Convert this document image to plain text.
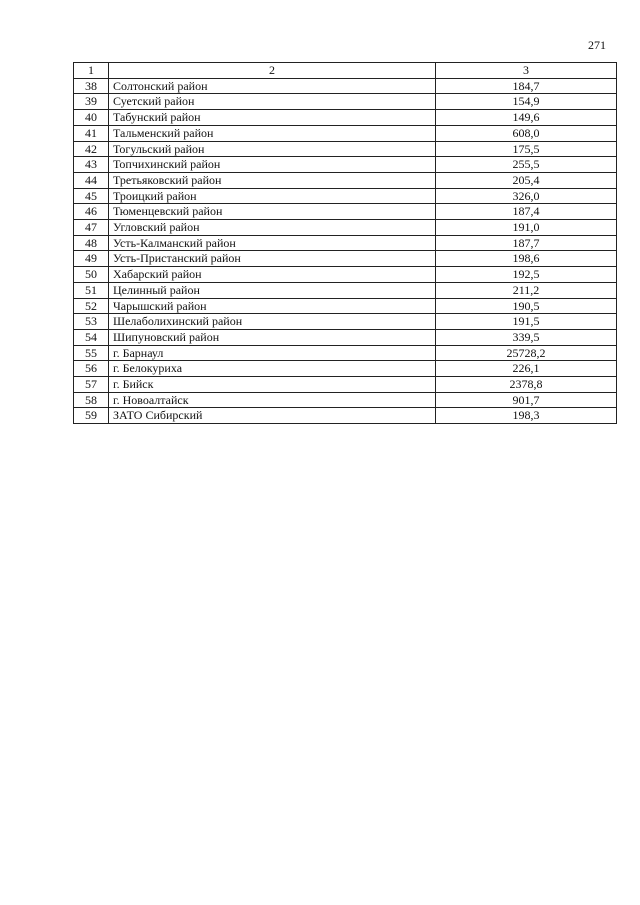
271
1	2	3
38	Солтонский район	184,7
39	Суетский район	154,9
40	Табунский район	149,6
41	Тальменский район	608,0
42	Тогульский район	175,5
43	Топчихинский район	255,5
44	Третьяковский район	205,4
45	Троицкий район	326,0
46	Тюменцевский район	187,4
47	Угловский район	191,0
48	Усть-Калманский район	187,7
49	Усть-Пристанский район	198,6
50	Хабарский район	192,5
51	Целинный район	211,2
52	Чарышский район	190,5
53	Шелаболихинский район	191,5
54	Шипуновский район	339,5
55	г. Барнаул	25728,2
56	г. Белокуриха	226,1
57	г. Бийск	2378,8
58	г. Новоалтайск	901,7
59	ЗАТО Сибирский	198,3
